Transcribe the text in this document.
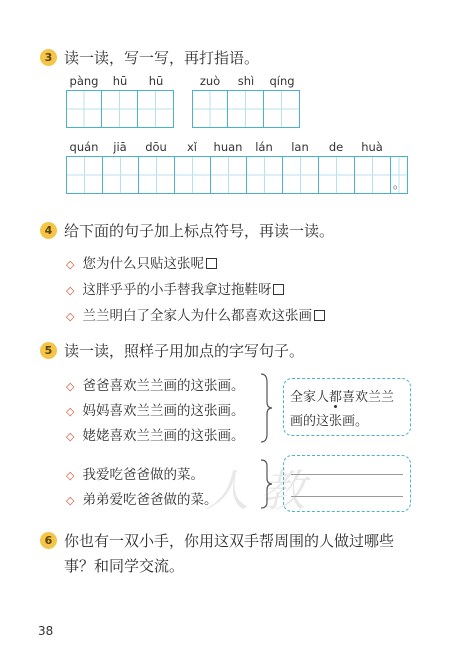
人教
3 读一读，写一写，再打指语。
pàng	hū	hū	zuò	shì	qíng
quán	jiā	dōu	xǐ	huan	lán	lan	de	huà
。
4 给下面的句子加上标点符号，再读一读。
◇ 您为什么只贴这张呢
◇ 这胖乎乎的小手替我拿过拖鞋呀
◇ 兰兰明白了全家人为什么都喜欢这张画
5 读一读，照样子用加点的字写句子。
◇ 爸爸喜欢兰兰画的这张画。
◇ 妈妈喜欢兰兰画的这张画。
◇ 姥姥喜欢兰兰画的这张画。
全家人都喜欢兰兰画的这张画。
◇ 我爱吃爸爸做的菜。
◇ 弟弟爱吃爸爸做的菜。
6 你也有一双小手，你用这双手帮周围的人做过哪些
事？和同学交流。
38
